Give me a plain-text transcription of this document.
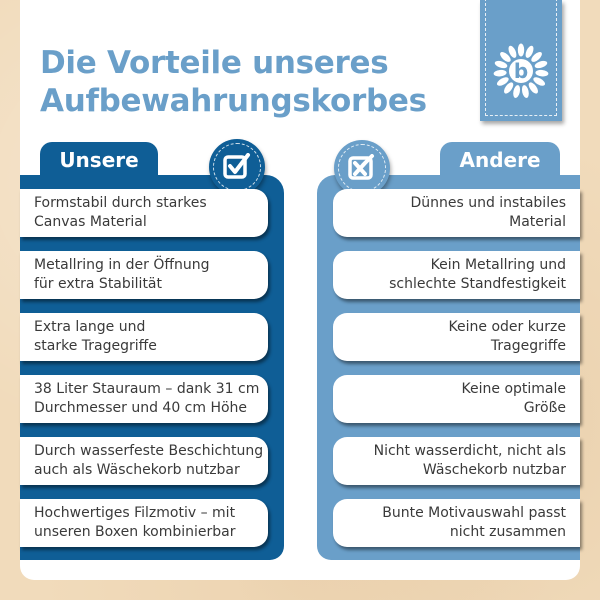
Die Vorteile unseres
Aufbewahrungskorbes
b
Unsere
Formstabil durch starkes
Canvas Material
Metallring in der Öffnung
für extra Stabilität
Extra lange und
starke Tragegriffe
38 Liter Stauraum – dank 31 cm
Durchmesser und 40 cm Höhe
Durch wasserfeste Beschichtung
auch als Wäschekorb nutzbar
Hochwertiges Filzmotiv – mit
unseren Boxen kombinierbar
Andere
Dünnes und instabiles
Material
Kein Metallring und
schlechte Standfestigkeit
Keine oder kurze
Tragegriffe
Keine optimale
Größe
Nicht wasserdicht, nicht als
Wäschekorb nutzbar
Bunte Motivauswahl passt
nicht zusammen
